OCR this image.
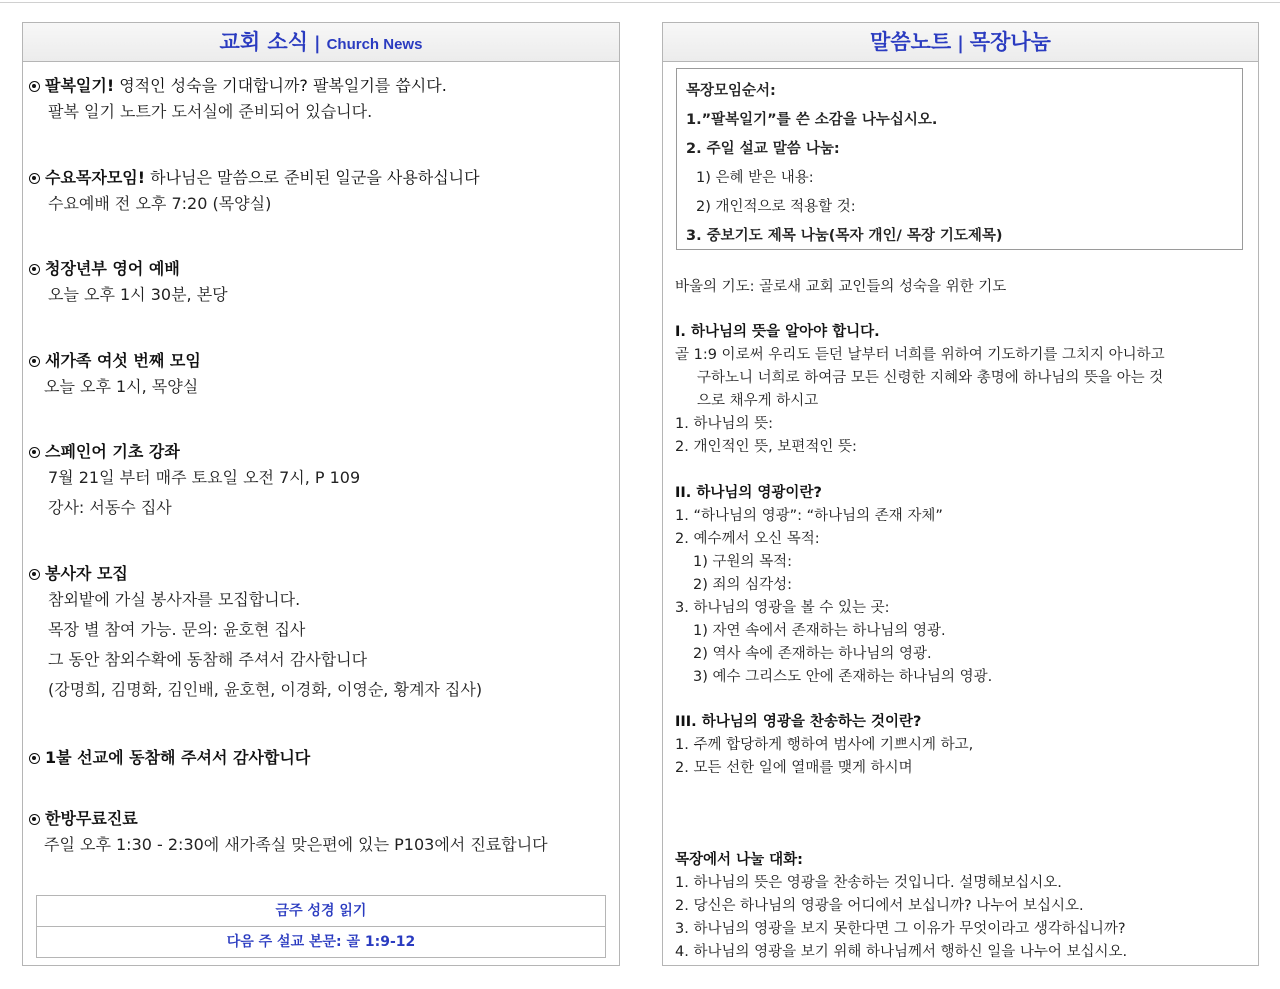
교회 소식 | Church News
팔복일기! 영적인 성숙을 기대합니까? 팔복일기를 씁시다.
팔복 일기 노트가 도서실에 준비되어 있습니다.
수요목자모임! 하나님은 말씀으로 준비된 일군을 사용하십니다
수요예배 전 오후 7:20 (목양실)
청장년부 영어 예배
오늘 오후 1시 30분, 본당
새가족 여섯 번째 모임
오늘 오후 1시, 목양실
스페인어 기초 강좌
7월 21일 부터 매주 토요일 오전 7시, P 109
강사: 서동수 집사
봉사자 모집
참외밭에 가실 봉사자를 모집합니다.
목장 별 참여 가능. 문의: 윤호현 집사
그 동안 참외수확에 동참해 주셔서 감사합니다
(강명희, 김명화, 김인배, 윤호현, 이경화, 이영순, 황계자 집사)
1불 선교에 동참해 주셔서 감사합니다
한방무료진료
주일 오후 1:30 - 2:30에 새가족실 맞은편에 있는 P103에서 진료합니다
금주 성경 읽기
다음 주 설교 본문: 골 1:9-12
말씀노트 | 목장나눔
목장모임순서:
1.”팔복일기”를 쓴 소감을 나누십시오.
2. 주일 설교 말씀 나눔:
1) 은혜 받은 내용:
2) 개인적으로 적용할 것:
3. 중보기도 제목 나눔(목자 개인/ 목장 기도제목)
바울의 기도: 골로새 교회 교인들의 성숙을 위한 기도
I. 하나님의 뜻을 알아야 합니다.
골 1:9 이로써 우리도 듣던 날부터 너희를 위하여 기도하기를 그치지 아니하고
구하노니 너희로 하여금 모든 신령한 지혜와 총명에 하나님의 뜻을 아는 것
으로 채우게 하시고
1. 하나님의 뜻:
2. 개인적인 뜻, 보편적인 뜻:
II. 하나님의 영광이란?
1. “하나님의 영광”: “하나님의 존재 자체”
2. 예수께서 오신 목적:
1) 구원의 목적:
2) 죄의 심각성:
3. 하나님의 영광을 볼 수 있는 곳:
1) 자연 속에서 존재하는 하나님의 영광.
2) 역사 속에 존재하는 하나님의 영광.
3) 예수 그리스도 안에 존재하는 하나님의 영광.
III. 하나님의 영광을 찬송하는 것이란?
1. 주께 합당하게 행하여 범사에 기쁘시게 하고,
2. 모든 선한 일에 열매를 맺게 하시며
목장에서 나눌 대화:
1. 하나님의 뜻은 영광을 찬송하는 것입니다. 설명해보십시오.
2. 당신은 하나님의 영광을 어디에서 보십니까? 나누어 보십시오.
3. 하나님의 영광을 보지 못한다면 그 이유가 무엇이라고 생각하십니까?
4. 하나님의 영광을 보기 위해 하나님께서 행하신 일을 나누어 보십시오.
